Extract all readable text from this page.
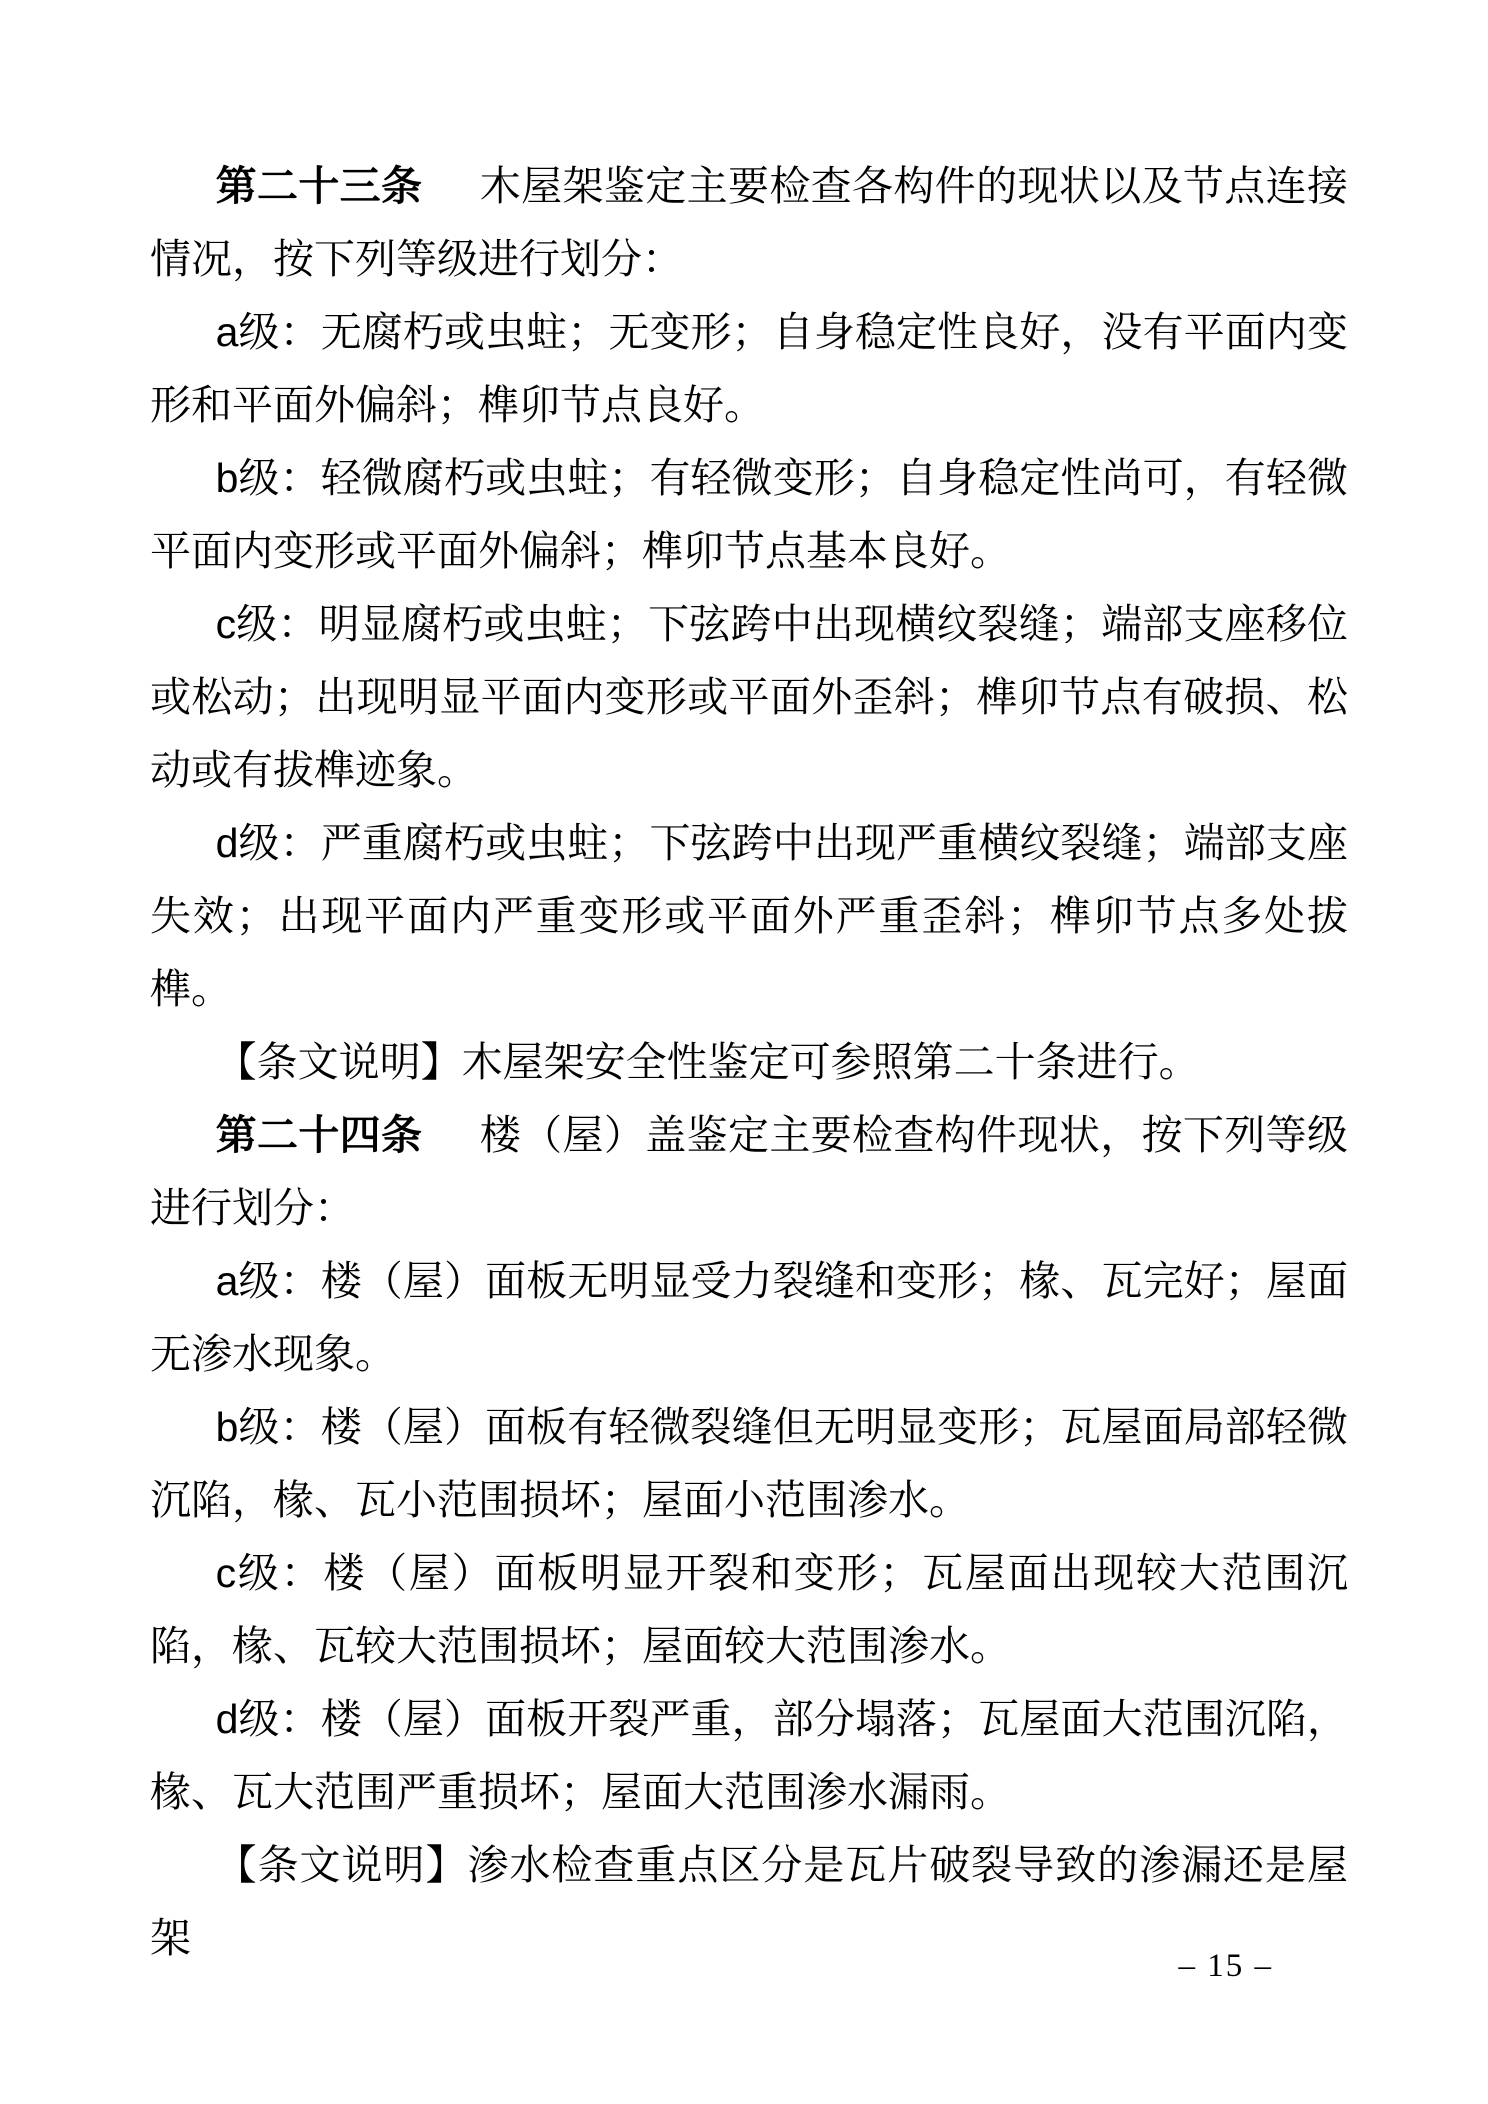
第二十三条 木屋架鉴定主要检查各构件的现状以及节点连接情况，按下列等级进行划分：

a级：无腐朽或虫蛀；无变形；自身稳定性良好，没有平面内变形和平面外偏斜；榫卯节点良好。

b级：轻微腐朽或虫蛀；有轻微变形；自身稳定性尚可，有轻微平面内变形或平面外偏斜；榫卯节点基本良好。

c级：明显腐朽或虫蛀；下弦跨中出现横纹裂缝；端部支座移位或松动；出现明显平面内变形或平面外歪斜；榫卯节点有破损、松动或有拔榫迹象。

d级：严重腐朽或虫蛀；下弦跨中出现严重横纹裂缝；端部支座失效；出现平面内严重变形或平面外严重歪斜；榫卯节点多处拔榫。

【条文说明】木屋架安全性鉴定可参照第二十条进行。

第二十四条 楼（屋）盖鉴定主要检查构件现状，按下列等级进行划分：

a级：楼（屋）面板无明显受力裂缝和变形；椽、瓦完好；屋面无渗水现象。

b级：楼（屋）面板有轻微裂缝但无明显变形；瓦屋面局部轻微沉陷，椽、瓦小范围损坏；屋面小范围渗水。

c级：楼（屋）面板明显开裂和变形；瓦屋面出现较大范围沉陷，椽、瓦较大范围损坏；屋面较大范围渗水。

d级：楼（屋）面板开裂严重，部分塌落；瓦屋面大范围沉陷，椽、瓦大范围严重损坏；屋面大范围渗水漏雨。

【条文说明】渗水检查重点区分是瓦片破裂导致的渗漏还是屋架

– 15 –
